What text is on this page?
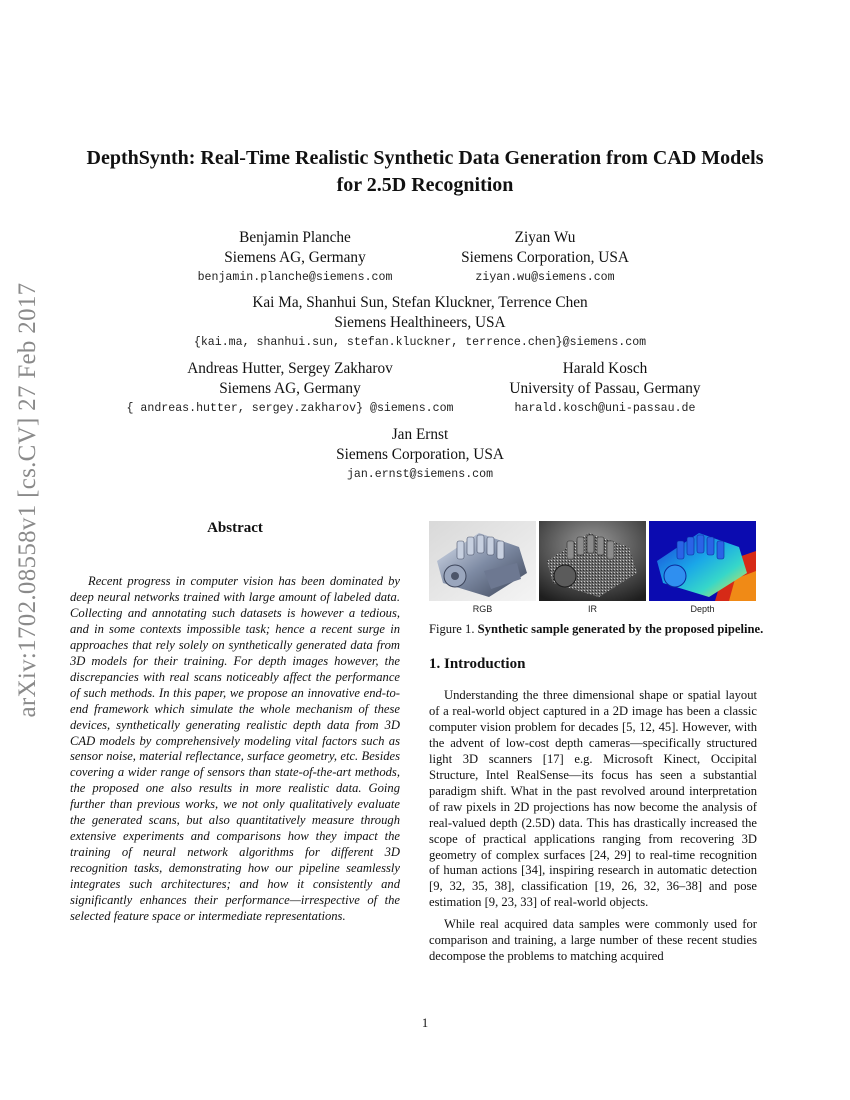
arXiv:1702.08558v1 [cs.CV] 27 Feb 2017
DepthSynth: Real-Time Realistic Synthetic Data Generation from CAD Models
for 2.5D Recognition
Benjamin Planche
Siemens AG, Germany
benjamin.planche@siemens.com
Ziyan Wu
Siemens Corporation, USA
ziyan.wu@siemens.com
Kai Ma, Shanhui Sun, Stefan Kluckner, Terrence Chen
Siemens Healthineers, USA
{kai.ma, shanhui.sun, stefan.kluckner, terrence.chen}@siemens.com
Andreas Hutter, Sergey Zakharov
Siemens AG, Germany
{ andreas.hutter, sergey.zakharov} @siemens.com
Harald Kosch
University of Passau, Germany
harald.kosch@uni-passau.de
Jan Ernst
Siemens Corporation, USA
jan.ernst@siemens.com
Abstract

Recent progress in computer vision has been dominated by deep neural networks trained with large amount of labeled data. Collecting and annotating such datasets is however a tedious, and in some contexts impossible task; hence a recent surge in approaches that rely solely on synthetically generated data from 3D models for their training. For depth images however, the discrepancies with real scans noticeably affect the performance of such methods. In this paper, we propose an innovative end-to-end framework which simulate the whole mechanism of these devices, synthetically generating realistic depth data from 3D CAD models by comprehensively modeling vital factors such as sensor noise, material reflectance, surface geometry, etc. Besides covering a wider range of sensors than state-of-the-art methods, the proposed one also results in more realistic data. Going further than previous works, we not only qualitatively evaluate the generated scans, but also quantitatively measure through extensive experiments and comparisons how they impact the training of neural network algorithms for different 3D recognition tasks, demonstrating how our pipeline seamlessly integrates such architectures; and how it consistently and significantly enhances their performance—irrespective of the selected feature space or intermediate representations.

RGB	IR	Depth
Figure 1. Synthetic sample generated by the proposed pipeline.
1. Introduction

Understanding the three dimensional shape or spatial layout of a real-world object captured in a 2D image has been a classic computer vision problem for decades [5, 12, 45]. However, with the advent of low-cost depth cameras—specifically structured light 3D scanners [17] e.g. Microsoft Kinect, Occipital Structure, Intel RealSense—its focus has seen a substantial paradigm shift. What in the past revolved around interpretation of raw pixels in 2D projections has now become the analysis of real-valued depth (2.5D) data. This has drastically increased the scope of practical applications ranging from recovering 3D geometry of complex surfaces [24, 29] to real-time recognition of human actions [34], inspiring research in automatic detection [9, 32, 35, 38], classification [19, 26, 32, 36–38] and pose estimation [9, 23, 33] of real-world objects.

While real acquired data samples were commonly used for comparison and training, a large number of these recent studies decompose the problems to matching acquired

1
